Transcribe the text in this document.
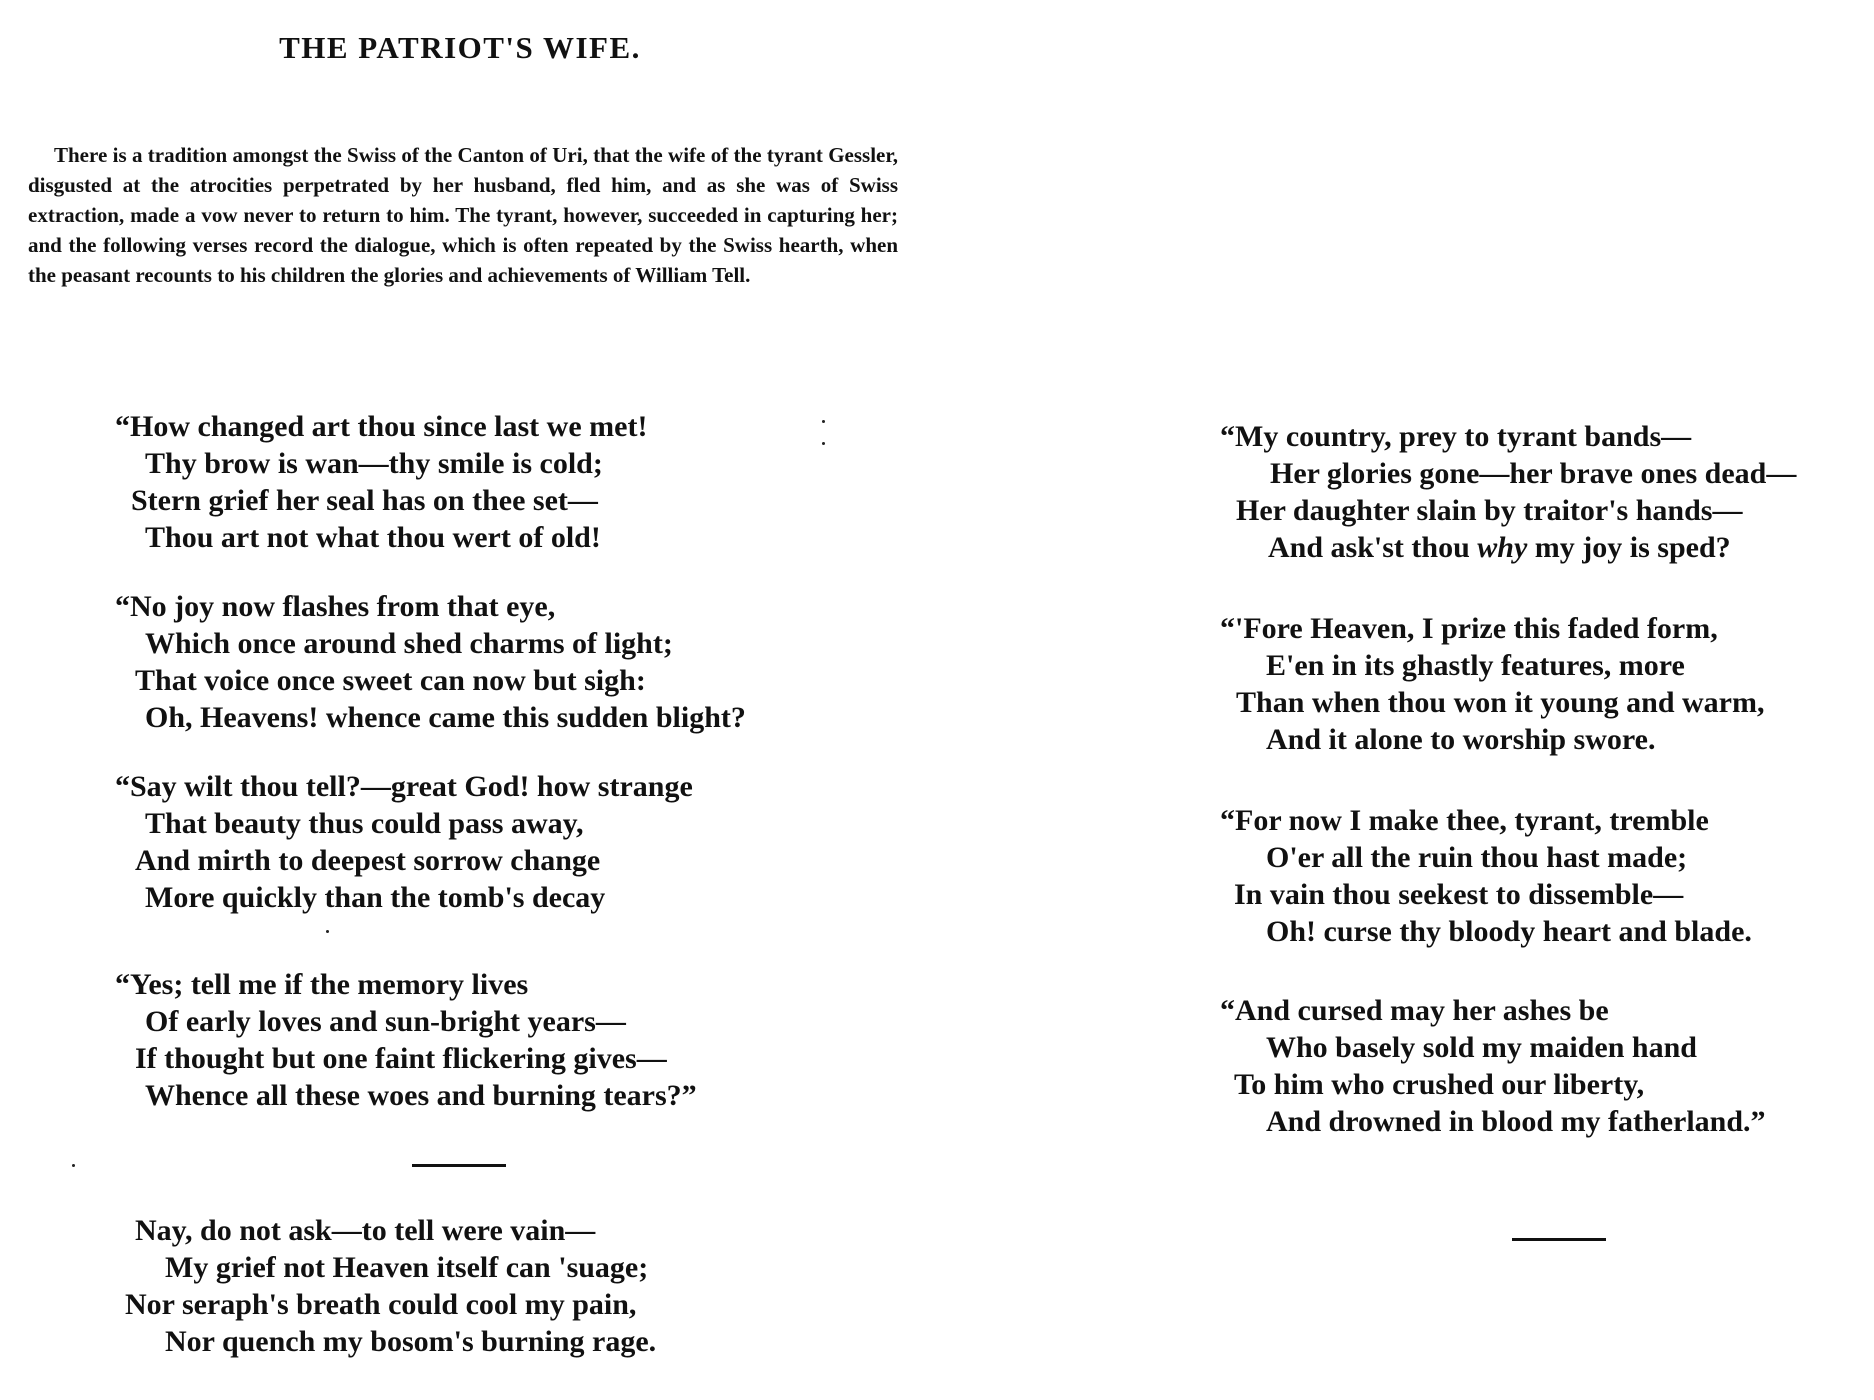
THE PATRIOT'S WIFE.
There is a tradition amongst the Swiss of the Canton of Uri, that the wife of the tyrant Gessler, disgusted at the atrocities perpetrated by her husband, fled him, and as she was of Swiss extraction, made a vow never to return to him. The tyrant, however, succeeded in capturing her; and the following verses record the dialogue, which is often repeated by the Swiss hearth, when the peasant recounts to his children the glories and achievements of William Tell.
“How changed art thou since last we met!
Thy brow is wan—thy smile is cold;
Stern grief her seal has on thee set—
Thou art not what thou wert of old!
“No joy now flashes from that eye,
Which once around shed charms of light;
That voice once sweet can now but sigh:
Oh, Heavens! whence came this sudden blight?
“Say wilt thou tell?—great God! how strange
That beauty thus could pass away,
And mirth to deepest sorrow change
More quickly than the tomb's decay
“Yes; tell me if the memory lives
Of early loves and sun-bright years—
If thought but one faint flickering gives—
Whence all these woes and burning tears?”
Nay, do not ask—to tell were vain—
My grief not Heaven itself can 'suage;
Nor seraph's breath could cool my pain,
Nor quench my bosom's burning rage.
“My country, prey to tyrant bands—
Her glories gone—her brave ones dead—
Her daughter slain by traitor's hands—
And ask'st thou why my joy is sped?
“'Fore Heaven, I prize this faded form,
E'en in its ghastly features, more
Than when thou won it young and warm,
And it alone to worship swore.
“For now I make thee, tyrant, tremble
O'er all the ruin thou hast made;
In vain thou seekest to dissemble—
Oh! curse thy bloody heart and blade.
“And cursed may her ashes be
Who basely sold my maiden hand
To him who crushed our liberty,
And drowned in blood my fatherland.”
